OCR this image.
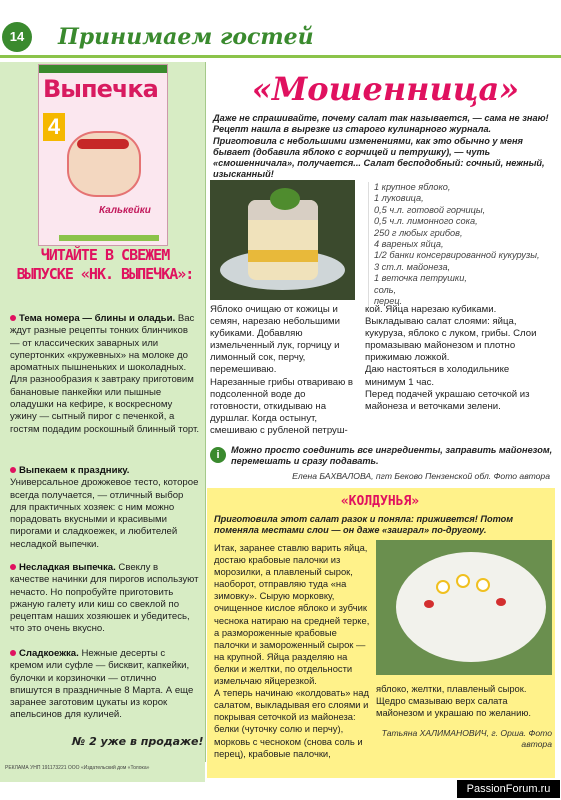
14	Принимаем гостей
Выпечка
4
Калькейки
ЧИТАЙТЕ В СВЕЖЕМ ВЫПУСКЕ «НК. ВЫПЕЧКА»:
Тема номера — блины и оладьи. Вас ждут разные рецепты тонких блинчиков — от классических заварных или супертонких «кружевных» на молоке до ароматных пышненьких и шоколадных. Для разнообразия к завтраку приготовим банановые панкейки или пышные оладушки на кефире, к воскресному ужину — сытный пирог с печенкой, а гостям подадим роскошный блинный торт.
Выпекаем к празднику. Универсальное дрожжевое тесто, которое всегда получается, — отличный выбор для практичных хозяек: с ним можно порадовать вкусными и красивыми пирогами и сладкоежек, и любителей несладкой выпечки.
Несладкая выпечка. Свеклу в качестве начинки для пирогов используют нечасто. Но попробуйте приготовить ржаную галету или киш со свеклой по рецептам наших хозяюшек и убедитесь, что это очень вкусно.
Сладкоежка. Нежные десерты с кремом или суфле — бисквит, капкейки, булочки и корзиночки — отлично впишутся в праздничные 8 Марта. А еще заранее заготовим цукаты из корок апельсинов для куличей.
№ 2 уже в продаже!
РЕКЛАМА УНП 191173221 ООО «Издательский дом «Толока»
«Мошенница»
Даже не спрашивайте, почему салат так называется, — сама не знаю! Рецепт нашла в вырезке из старого кулинарного журнала. Приготовила с небольшими изменениями, как это обычно у меня бывает (добавила яблоко с горчицей и петрушку), — чуть «смошенничала», получается... Салат бесподобный: сочный, нежный, изысканный!
1 крупное яблоко,
1 луковица,
0,5 ч.л. готовой горчицы,
0,5 ч.л. лимонного сока,
250 г любых грибов,
4 вареных яйца,
1/2 банки консервированной кукурузы,
3 ст.л. майонеза,
1 веточка петрушки,
соль,
перец.
Яблоко очищаю от кожицы и семян, нарезаю небольшими кубиками. Добавляю измельченный лук, горчицу и лимонный сок, перчу, перемешиваю.
Нарезанные грибы отвариваю в подсоленной воде до готовности, откидываю на дуршлаг. Когда остынут, смешиваю с рубленой петруш-
кой. Яйца нарезаю кубиками. Выкладываю салат слоями: яйца, кукуруза, яблоко с луком, грибы. Слои промазываю майонезом и плотно прижимаю ложкой.
Даю настояться в холодильнике минимум 1 час.
Перед подачей украшаю сеточкой из майонеза и веточками зелени.
i	Можно просто соединить все ингредиенты, заправить майонезом, перемешать и сразу подавать.
Елена БАХВАЛОВА, пгт Беково Пензенской обл. Фото автора
«КОЛДУНЬЯ»
Приготовила этот салат разок и поняла: приживется! Потом поменяла местами слои — он даже «заиграл» по-другому.
Итак, заранее ставлю варить яйца, достаю крабовые палочки из морозилки, а плавленый сырок, наоборот, отправляю туда «на зимовку». Сырую морковку, очищенное кислое яблоко и зубчик чеснока натираю на средней терке, а размороженные крабовые палочки и замороженный сырок — на крупной. Яйца разделяю на белки и желтки, по отдельности измельчаю яйцерезкой.
А теперь начинаю «колдовать» над салатом, выкладывая его слоями и покрывая сеточкой из майонеза: белки (чуточку солю и перчу), морковь с чесноком (снова соль и перец), крабовые палочки,
яблоко, желтки, плавленый сырок. Щедро смазываю верх салата майонезом и украшаю по желанию.
Татьяна ХАЛИМАНОВИЧ, г. Орша. Фото автора
PassionForum.ru
